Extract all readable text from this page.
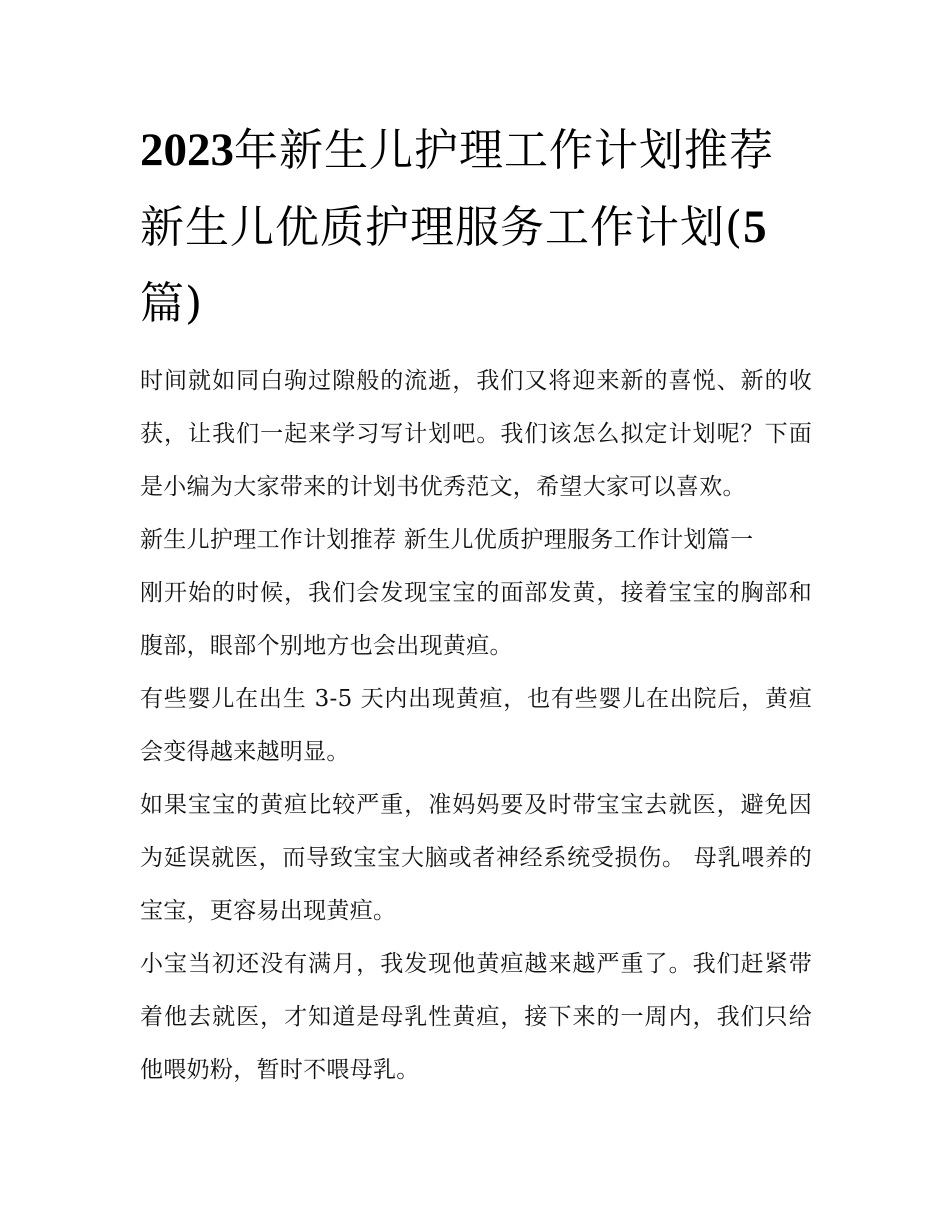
2023年新生儿护理工作计划推荐 新生儿优质护理服务工作计划(5篇)

时间就如同白驹过隙般的流逝，我们又将迎来新的喜悦、新的收获，让我们一起来学习写计划吧。我们该怎么拟定计划呢？下面是小编为大家带来的计划书优秀范文，希望大家可以喜欢。

新生儿护理工作计划推荐 新生儿优质护理服务工作计划篇一

刚开始的时候，我们会发现宝宝的面部发黄，接着宝宝的胸部和腹部，眼部个别地方也会出现黄疸。

有些婴儿在出生 3-5 天内出现黄疸，也有些婴儿在出院后，黄疸会变得越来越明显。

如果宝宝的黄疸比较严重，准妈妈要及时带宝宝去就医，避免因为延误就医，而导致宝宝大脑或者神经系统受损伤。 母乳喂养的宝宝，更容易出现黄疸。

小宝当初还没有满月，我发现他黄疸越来越严重了。我们赶紧带着他去就医，才知道是母乳性黄疸，接下来的一周内，我们只给他喂奶粉，暂时不喂母乳。
